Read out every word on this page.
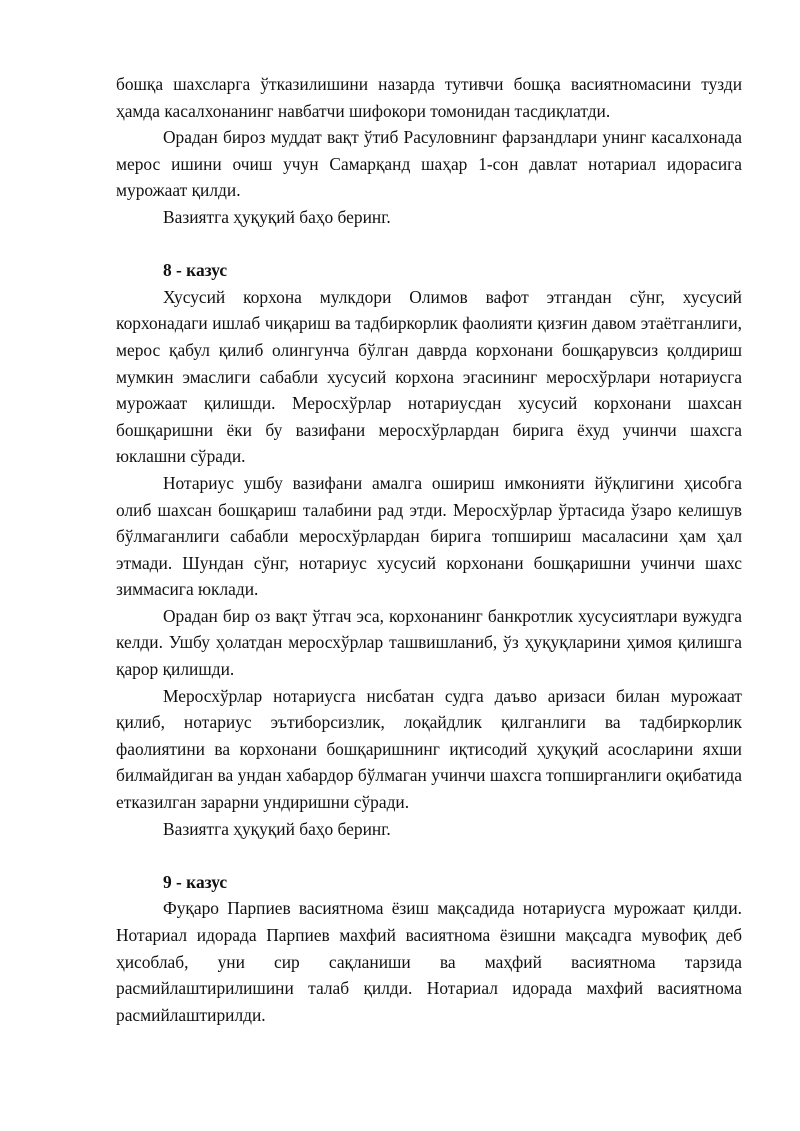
бошқа шахсларга ўтказилишини назарда тутивчи бошқа васиятномасини тузди ҳамда касалхонанинг навбатчи шифокори томонидан тасдиқлатди.

Орадан бироз муддат вақт ўтиб Расуловнинг фарзандлари унинг касалхонада мерос ишини очиш учун Самарқанд шаҳар 1-сон давлат нотариал идорасига мурожаат қилди.

Вазиятга ҳуқуқий баҳо беринг.

8 - казус

Хусусий корхона мулкдори Олимов вафот этгандан сўнг, хусусий корхонадаги ишлаб чиқариш ва тадбиркорлик фаолияти қизғин давом этаётганлиги, мерос қабул қилиб олингунча бўлган даврда корхонани бошқарувсиз қолдириш мумкин эмаслиги сабабли хусусий корхона эгасининг меросхўрлари нотариусга мурожаат қилишди. Меросхўрлар нотариусдан хусусий корхонани шахсан бошқаришни ёки бу вазифани меросхўрлардан бирига ёхуд учинчи шахсга юклашни сўради.

Нотариус ушбу вазифани амалга ошириш имконияти йўқлигини ҳисобга олиб шахсан бошқариш талабини рад этди. Меросхўрлар ўртасида ўзаро келишув бўлмаганлиги сабабли меросхўрлардан бирига топшириш масаласини ҳам ҳал этмади. Шундан сўнг, нотариус хусусий корхонани бошқаришни учинчи шахс зиммасига юклади.

Орадан бир оз вақт ўтгач эса, корхонанинг банкротлик хусусиятлари вужудга келди. Ушбу ҳолатдан меросхўрлар ташвишланиб, ўз ҳуқуқларини ҳимоя қилишга қарор қилишди.

Меросхўрлар нотариусга нисбатан судга даъво аризаси билан мурожаат қилиб, нотариус эътиборсизлик, лоқайдлик қилганлиги ва тадбиркорлик фаолиятини ва корхонани бошқаришнинг иқтисодий ҳуқуқий асосларини яхши билмайдиган ва ундан хабардор бўлмаган учинчи шахсга топширганлиги оқибатида етказилган зарарни ундиришни сўради.

Вазиятга ҳуқуқий баҳо беринг.

9 - казус

Фуқаро Парпиев васиятнома ёзиш мақсадида нотариусга мурожаат қилди. Нотариал идорада Парпиев махфий васиятнома ёзишни мақсадга мувофиқ деб ҳисоблаб, уни сир сақланиши ва маҳфий васиятнома тарзида расмийлаштирилишини талаб қилди. Нотариал идорада махфий васиятнома расмийлаштирилди.
